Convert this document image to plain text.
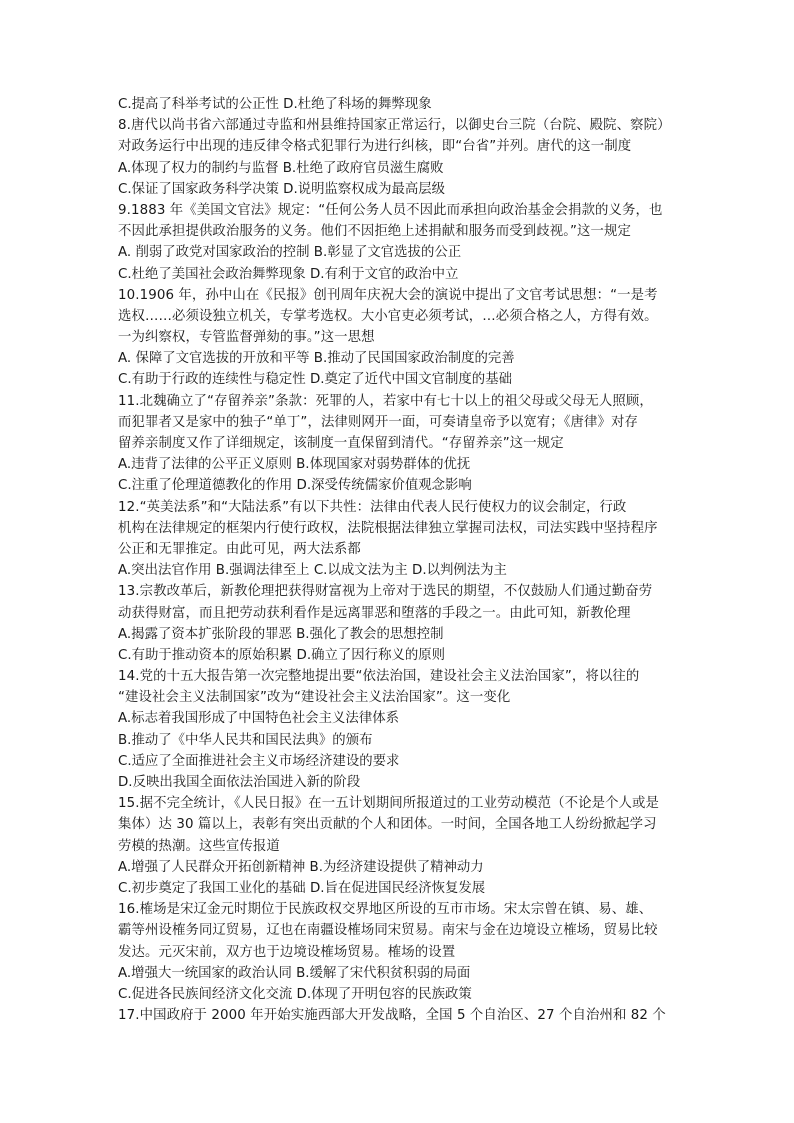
C.提高了科举考试的公正性 D.杜绝了科场的舞弊现象
8.唐代以尚书省六部通过寺监和州县维持国家正常运行，以御史台三院（台院、殿院、察院）
对政务运行中出现的违反律令格式犯罪行为进行纠核，即“台省”并列。唐代的这一制度
A.体现了权力的制约与监督 B.杜绝了政府官员滋生腐败
C.保证了国家政务科学决策 D.说明监察权成为最高层级
9.1883 年《美国文官法》规定：“任何公务人员不因此而承担向政治基金会捐款的义务，也
不因此承担提供政治服务的义务。他们不因拒绝上述捐献和服务而受到歧视。”这一规定
A. 削弱了政党对国家政治的控制 B.彰显了文官选拔的公正
C.杜绝了美国社会政治舞弊现象 D.有利于文官的政治中立
10.1906 年，孙中山在《民报》创刊周年庆祝大会的演说中提出了文官考试思想：“一是考
选权……必须设独立机关，专掌考选权。大小官吏必须考试，…必须合格之人，方得有效。
一为纠察权，专管监督弹劾的事。”这一思想
A. 保障了文官选拔的开放和平等 B.推动了民国国家政治制度的完善
C.有助于行政的连续性与稳定性 D.奠定了近代中国文官制度的基础
11.北魏确立了“存留养亲”条款：死罪的人，若家中有七十以上的祖父母或父母无人照顾，
而犯罪者又是家中的独子“单丁”，法律则网开一面，可奏请皇帝予以宽宥；《唐律》对存
留养亲制度又作了详细规定，该制度一直保留到清代。“存留养亲”这一规定
A.违背了法律的公平正义原则 B.体现国家对弱势群体的优抚
C.注重了伦理道德教化的作用 D.深受传统儒家价值观念影响
12.“英美法系”和“大陆法系”有以下共性：法律由代表人民行使权力的议会制定，行政
机构在法律规定的框架内行使行政权，法院根据法律独立掌握司法权，司法实践中坚持程序
公正和无罪推定。由此可见，两大法系都
A.突出法官作用 B.强调法律至上 C.以成文法为主 D.以判例法为主
13.宗教改革后，新教伦理把获得财富视为上帝对于选民的期望，不仅鼓励人们通过勤奋劳
动获得财富，而且把劳动获利看作是远离罪恶和堕落的手段之一。由此可知，新教伦理
A.揭露了资本扩张阶段的罪恶 B.强化了教会的思想控制
C.有助于推动资本的原始积累 D.确立了因行称义的原则
14.党的十五大报告第一次完整地提出要“依法治国，建设社会主义法治国家”，将以往的
“建设社会主义法制国家”改为“建设社会主义法治国家”。这一变化
A.标志着我国形成了中国特色社会主义法律体系
B.推动了《中华人民共和国民法典》的颁布
C.适应了全面推进社会主义市场经济建设的要求
D.反映出我国全面依法治国进入新的阶段
15.据不完全统计，《人民日报》在一五计划期间所报道过的工业劳动模范（不论是个人或是
集体）达 30 篇以上，表彰有突出贡献的个人和团体。一时间，全国各地工人纷纷掀起学习
劳模的热潮。这些宣传报道
A.增强了人民群众开拓创新精神 B.为经济建设提供了精神动力
C.初步奠定了我国工业化的基础 D.旨在促进国民经济恢复发展
16.榷场是宋辽金元时期位于民族政权交界地区所设的互市市场。宋太宗曾在镇、易、雄、
霸等州设榷务同辽贸易，辽也在南疆设榷场同宋贸易。南宋与金在边境设立榷场，贸易比较
发达。元灭宋前，双方也于边境设榷场贸易。榷场的设置
A.增强大一统国家的政治认同 B.缓解了宋代积贫积弱的局面
C.促进各民族间经济文化交流 D.体现了开明包容的民族政策
17.中国政府于 2000 年开始实施西部大开发战略，全国 5 个自治区、27 个自治州和 82 个
